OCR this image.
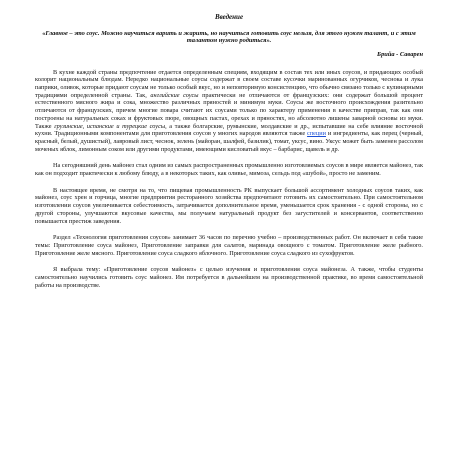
Введение
«Главное – это соус. Можно научиться варить и жарить, но научиться готовить соус нельзя, для этого нужен талант, и с этим талантом нужно родиться».
Брийа - Саварен

В кухне каждой страны предпочтение отдается определенным специям, входящим в состав тех или иных соусов, и придающих особый колорит национальным блюдам. Нередко национальные соусы содержат в своем составе кусочки маринованных огурчиков, чеснока и лука паприки, оливок, которые придают соусам не только особый вкус, но и неповторимую консистенцию, что обычно связано только с кулинарными традициями определенной страны. Так, английские соусы практически не отличаются от французских: они содержат большой процент естественного мясного жира и сока, множество различных пряностей и минимум муки. Соусы же восточного происхождения разительно отличаются от французских, причем многие повара считают их соусами только по характеру применения в качестве приправ, так как они построены на натуральных соках и фруктовых пюре, овощных пастах, орехах и пряностях, но абсолютно лишены заварной основы из муки. Также грузинские, испанские и турецкие соусы, а также болгарские, румынские, молдавские и др., испытавшие на себе влияние восточной кухни. Традиционными компонентами для приготовления соусов у многих народов являются также специи и ингредиенты, как перец (черный, красный, белый, душистый), лавровый лист, чеснок, зелень (майоран, шалфей, базилик), томат, уксус, вино. Уксус может быть заменен рассолом моченых яблок, лимонным соком или другими продуктами, имеющими кисловатый вкус – барбарис, щавель и др.

На сегодняшний день майонез стал одним из самых распространенных промышленно изготовляемых соусов в мире является майонез, так как он подходит практически к любому блюду, а в некоторых таких, как оливье, мимоза, сельдь под «шубой», просто не заменим.

В настоящее время, не смотря на то, что пищевая промышленность РК выпускает большой ассортимент холодных соусов таких, как майонез, соус хрен и горчица, многие предприятия ресторанного хозяйства предпочитают готовить их самостоятельно. При самостоятельном изготовлении соусов увеличивается себестоимость, затрачивается дополнительное время, уменьшается срок хранения - с одной стороны, но с другой стороны, улучшаются вкусовые качества, мы получаем натуральный продукт без загустителей и консервантов, соответственно повышается престиж заведения.

Раздел «Технология приготовления соусов» занимает 36 часов по перечню учебно – производственных работ. Он включает в себя такие темы: Приготовление соуса майонез, Приготовление заправки для салатов, маринада овощного с томатом. Приготовление желе рыбного. Приготовление желе мясного. Приготовление соуса сладкого яблочного. Приготовление соуса сладкого из сухофруктов.

Я выбрала тему: «Приготовление соусов майонез» с целью изучения и приготовления соуса майонеза. А также, чтобы студенты самостоятельно научились готовить соус майонез. Им потребуется в дальнейшем на производственной практике, во время самостоятельной работы на производстве.
